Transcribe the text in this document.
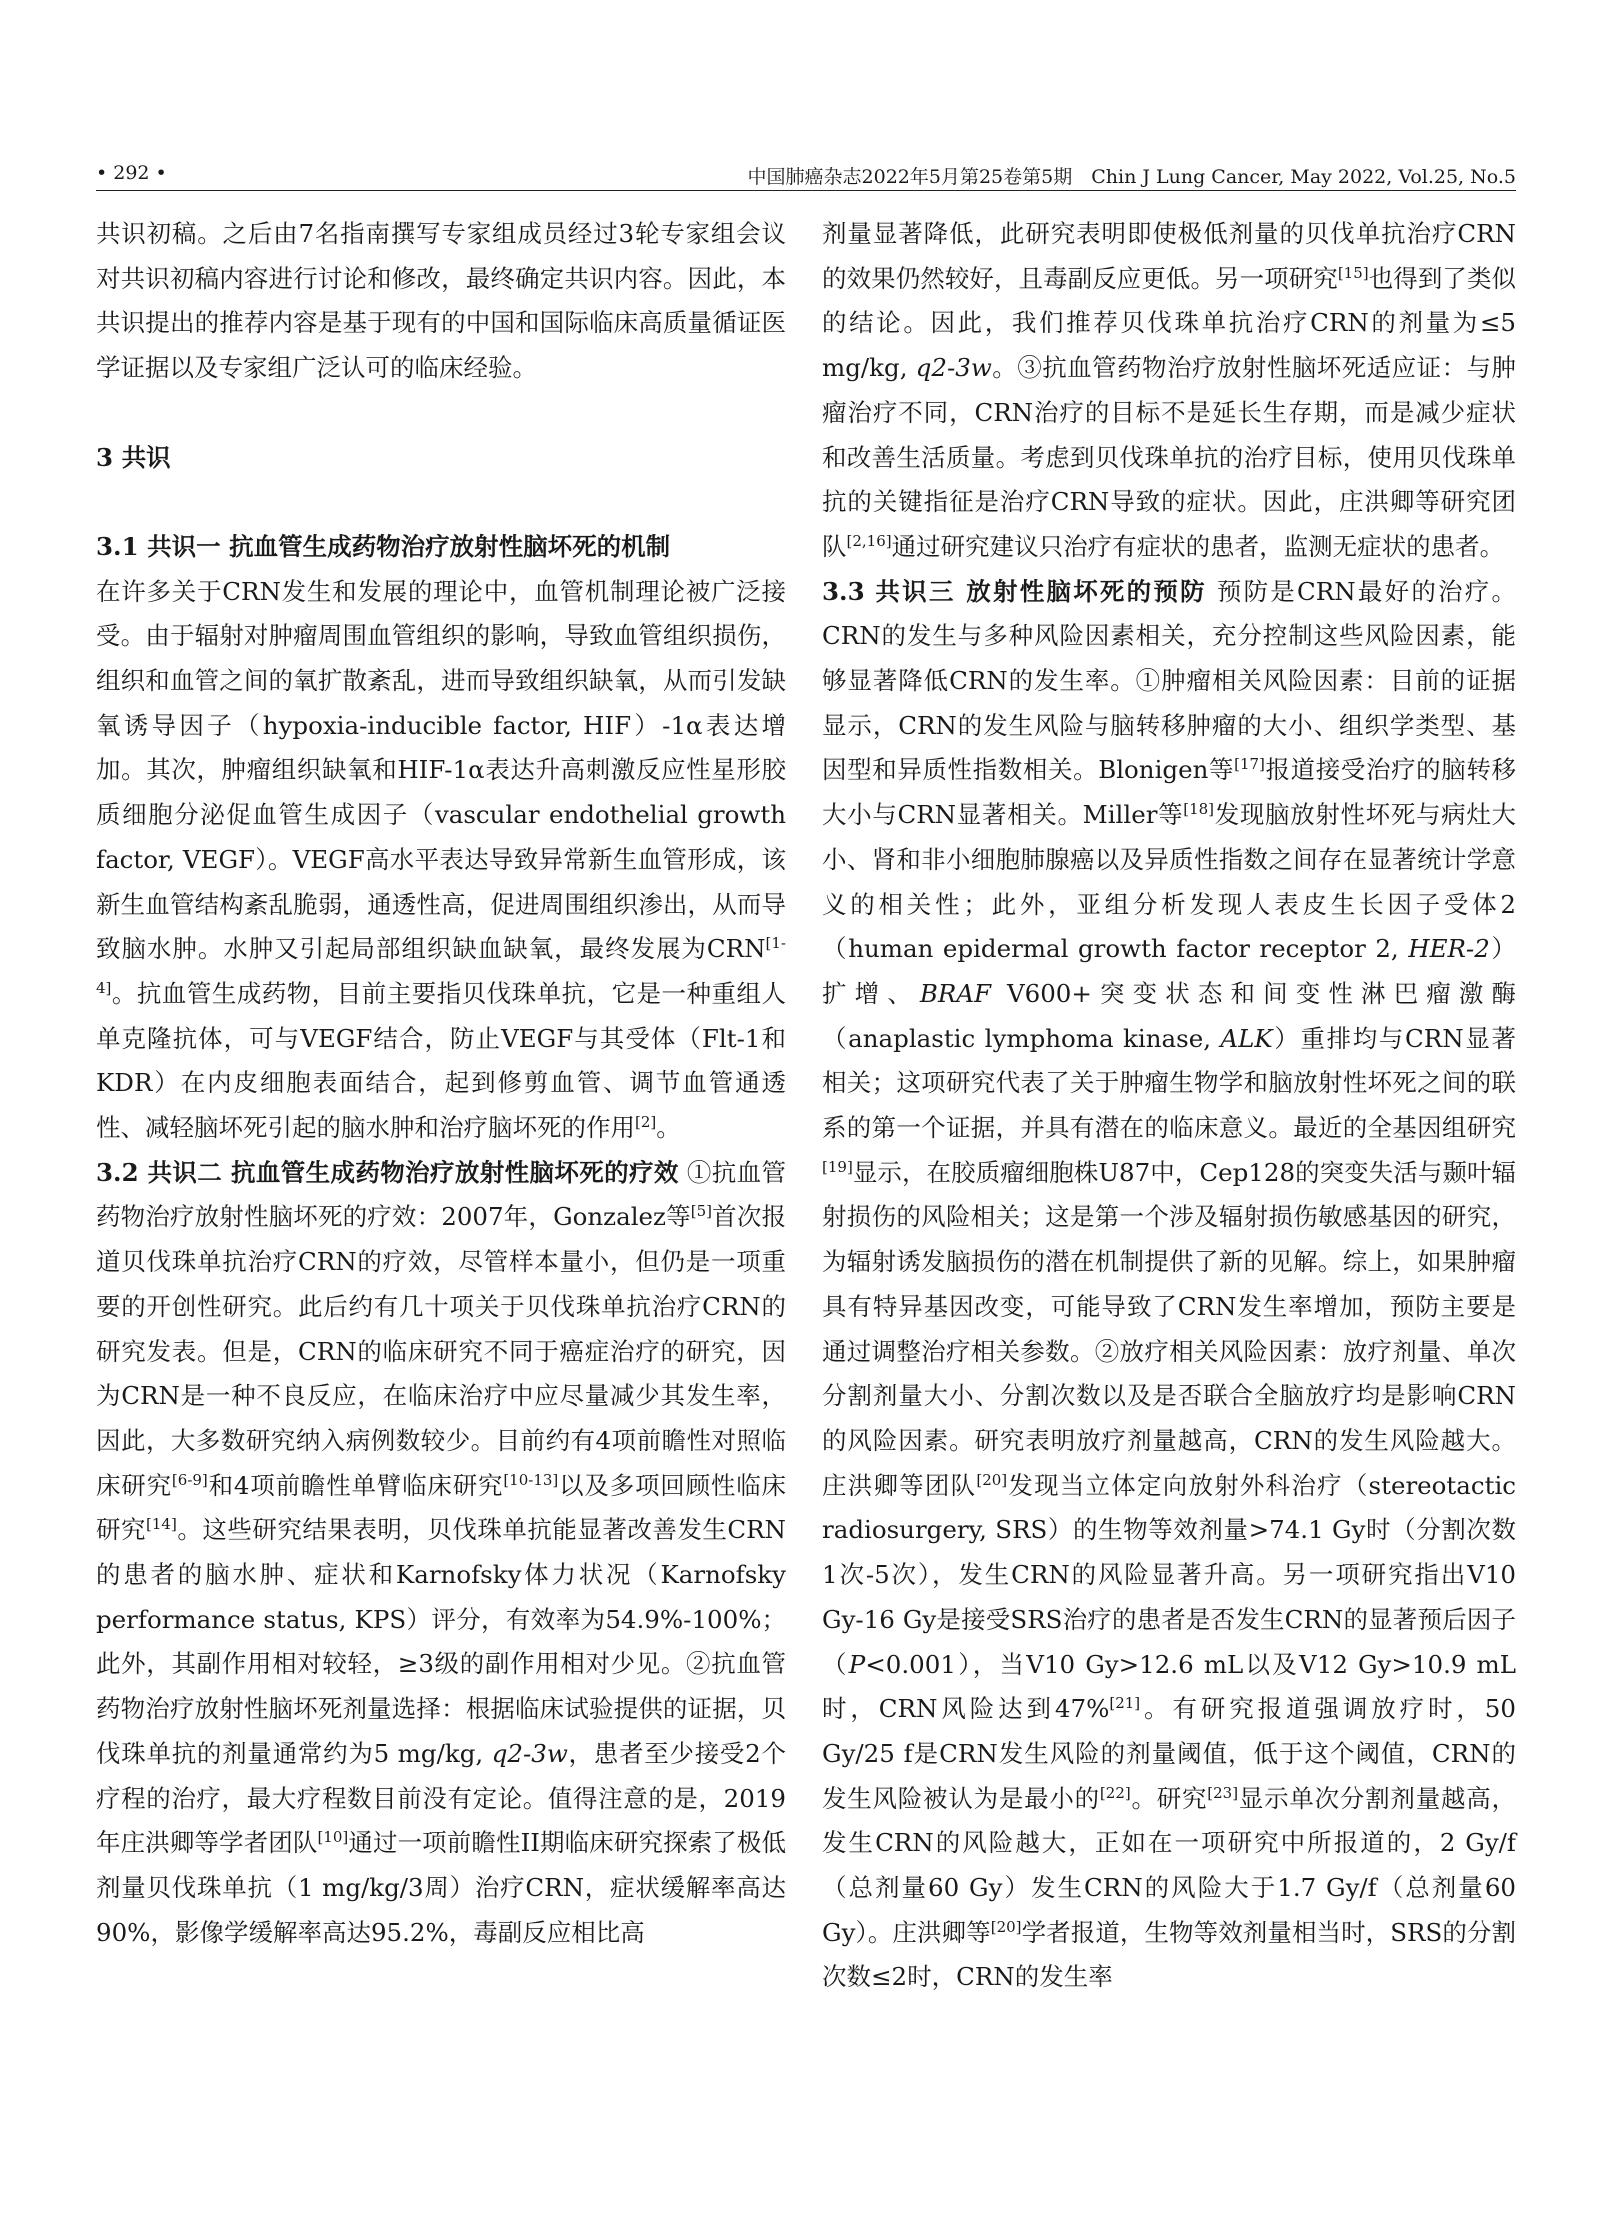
• 292 •	中国肺癌杂志2022年5月第25卷第5期　Chin J Lung Cancer, May 2022, Vol.25, No.5

共识初稿。之后由7名指南撰写专家组成员经过3轮专家组会议对共识初稿内容进行讨论和修改，最终确定共识内容。因此，本共识提出的推荐内容是基于现有的中国和国际临床高质量循证医学证据以及专家组广泛认可的临床经验。

3 共识

3.1 共识一 抗血管生成药物治疗放射性脑坏死的机制
在许多关于CRN发生和发展的理论中，血管机制理论被广泛接受。由于辐射对肿瘤周围血管组织的影响，导致血管组织损伤，组织和血管之间的氧扩散紊乱，进而导致组织缺氧，从而引发缺氧诱导因子（hypoxia-inducible factor, HIF）-1α表达增加。其次，肿瘤组织缺氧和HIF-1α表达升高刺激反应性星形胶质细胞分泌促血管生成因子（vascular endothelial growth factor, VEGF）。VEGF高水平表达导致异常新生血管形成，该新生血管结构紊乱脆弱，通透性高，促进周围组织渗出，从而导致脑水肿。水肿又引起局部组织缺血缺氧，最终发展为CRN[1-4]。抗血管生成药物，目前主要指贝伐珠单抗，它是一种重组人单克隆抗体，可与VEGF结合，防止VEGF与其受体（Flt-1和KDR）在内皮细胞表面结合，起到修剪血管、调节血管通透性、减轻脑坏死引起的脑水肿和治疗脑坏死的作用[2]。

3.2 共识二 抗血管生成药物治疗放射性脑坏死的疗效 ①抗血管药物治疗放射性脑坏死的疗效：2007年，Gonzalez等[5]首次报道贝伐珠单抗治疗CRN的疗效，尽管样本量小，但仍是一项重要的开创性研究。此后约有几十项关于贝伐珠单抗治疗CRN的研究发表。但是，CRN的临床研究不同于癌症治疗的研究，因为CRN是一种不良反应，在临床治疗中应尽量减少其发生率，因此，大多数研究纳入病例数较少。目前约有4项前瞻性对照临床研究[6-9]和4项前瞻性单臂临床研究[10-13]以及多项回顾性临床研究[14]。这些研究结果表明，贝伐珠单抗能显著改善发生CRN的患者的脑水肿、症状和Karnofsky体力状况（Karnofsky performance status, KPS）评分，有效率为54.9%-100%；此外，其副作用相对较轻，≥3级的副作用相对少见。②抗血管药物治疗放射性脑坏死剂量选择：根据临床试验提供的证据，贝伐珠单抗的剂量通常约为5 mg/kg, q2-3w，患者至少接受2个疗程的治疗，最大疗程数目前没有定论。值得注意的是，2019年庄洪卿等学者团队[10]通过一项前瞻性II期临床研究探索了极低剂量贝伐珠单抗（1 mg/kg/3周）治疗CRN，症状缓解率高达90%，影像学缓解率高达95.2%，毒副反应相比高

剂量显著降低，此研究表明即使极低剂量的贝伐单抗治疗CRN的效果仍然较好，且毒副反应更低。另一项研究[15]也得到了类似的结论。因此，我们推荐贝伐珠单抗治疗CRN的剂量为≤5 mg/kg, q2-3w。③抗血管药物治疗放射性脑坏死适应证：与肿瘤治疗不同，CRN治疗的目标不是延长生存期，而是减少症状和改善生活质量。考虑到贝伐珠单抗的治疗目标，使用贝伐珠单抗的关键指征是治疗CRN导致的症状。因此，庄洪卿等研究团队[2,16]通过研究建议只治疗有症状的患者，监测无症状的患者。

3.3 共识三 放射性脑坏死的预防 预防是CRN最好的治疗。CRN的发生与多种风险因素相关，充分控制这些风险因素，能够显著降低CRN的发生率。①肿瘤相关风险因素：目前的证据显示，CRN的发生风险与脑转移肿瘤的大小、组织学类型、基因型和异质性指数相关。Blonigen等[17]报道接受治疗的脑转移大小与CRN显著相关。Miller等[18]发现脑放射性坏死与病灶大小、肾和非小细胞肺腺癌以及异质性指数之间存在显著统计学意义的相关性；此外，亚组分析发现人表皮生长因子受体2（human epidermal growth factor receptor 2, HER-2）扩增、BRAF V600+突变状态和间变性淋巴瘤激酶（anaplastic lymphoma kinase, ALK）重排均与CRN显著相关；这项研究代表了关于肿瘤生物学和脑放射性坏死之间的联系的第一个证据，并具有潜在的临床意义。最近的全基因组研究[19]显示，在胶质瘤细胞株U87中，Cep128的突变失活与颞叶辐射损伤的风险相关；这是第一个涉及辐射损伤敏感基因的研究，为辐射诱发脑损伤的潜在机制提供了新的见解。综上，如果肿瘤具有特异基因改变，可能导致了CRN发生率增加，预防主要是通过调整治疗相关参数。②放疗相关风险因素：放疗剂量、单次分割剂量大小、分割次数以及是否联合全脑放疗均是影响CRN的风险因素。研究表明放疗剂量越高，CRN的发生风险越大。庄洪卿等团队[20]发现当立体定向放射外科治疗（stereotactic radiosurgery, SRS）的生物等效剂量>74.1 Gy时（分割次数1次-5次），发生CRN的风险显著升高。另一项研究指出V10 Gy-16 Gy是接受SRS治疗的患者是否发生CRN的显著预后因子（P<0.001），当V10 Gy>12.6 mL以及V12 Gy>10.9 mL时，CRN风险达到47%[21]。有研究报道强调放疗时，50 Gy/25 f是CRN发生风险的剂量阈值，低于这个阈值，CRN的发生风险被认为是最小的[22]。研究[23]显示单次分割剂量越高，发生CRN的风险越大，正如在一项研究中所报道的，2 Gy/f（总剂量60 Gy）发生CRN的风险大于1.7 Gy/f（总剂量60 Gy）。庄洪卿等[20]学者报道，生物等效剂量相当时，SRS的分割次数≤2时，CRN的发生率
